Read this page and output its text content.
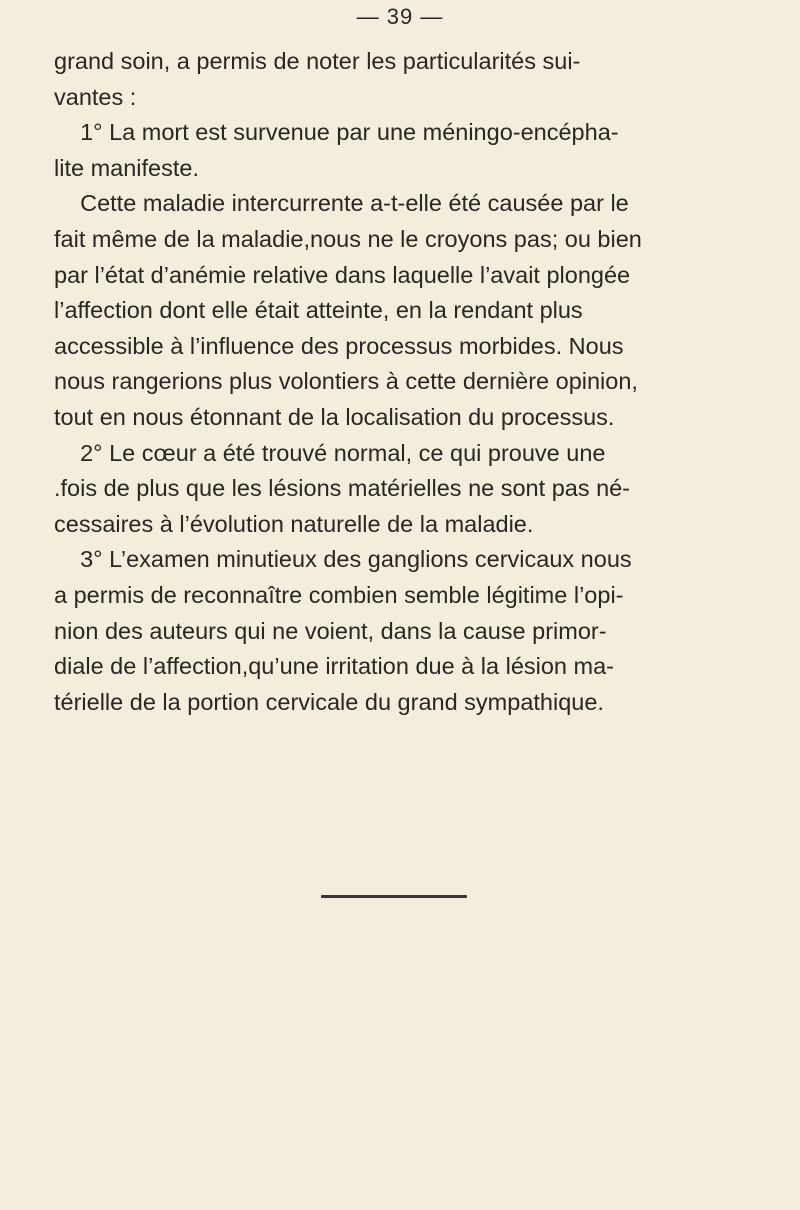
— 39 —
grand soin, a permis de noter les particularités sui-
vantes :
1° La mort est survenue par une méningo-encépha-
lite manifeste.
Cette maladie intercurrente a-t-elle été causée par le
fait même de la maladie,nous ne le croyons pas; ou bien
par l’état d’anémie relative dans laquelle l’avait plongée
l’affection dont elle était atteinte, en la rendant plus
accessible à l’influence des processus morbides. Nous
nous rangerions plus volontiers à cette dernière opinion,
tout en nous étonnant de la localisation du processus.
2° Le cœur a été trouvé normal, ce qui prouve une
.fois de plus que les lésions matérielles ne sont pas né-
cessaires à l’évolution naturelle de la maladie.
3° L’examen minutieux des ganglions cervicaux nous
a permis de reconnaître combien semble légitime l’opi-
nion des auteurs qui ne voient, dans la cause primor-
diale de l’affection,qu’une irritation due à la lésion ma-
térielle de la portion cervicale du grand sympathique.
